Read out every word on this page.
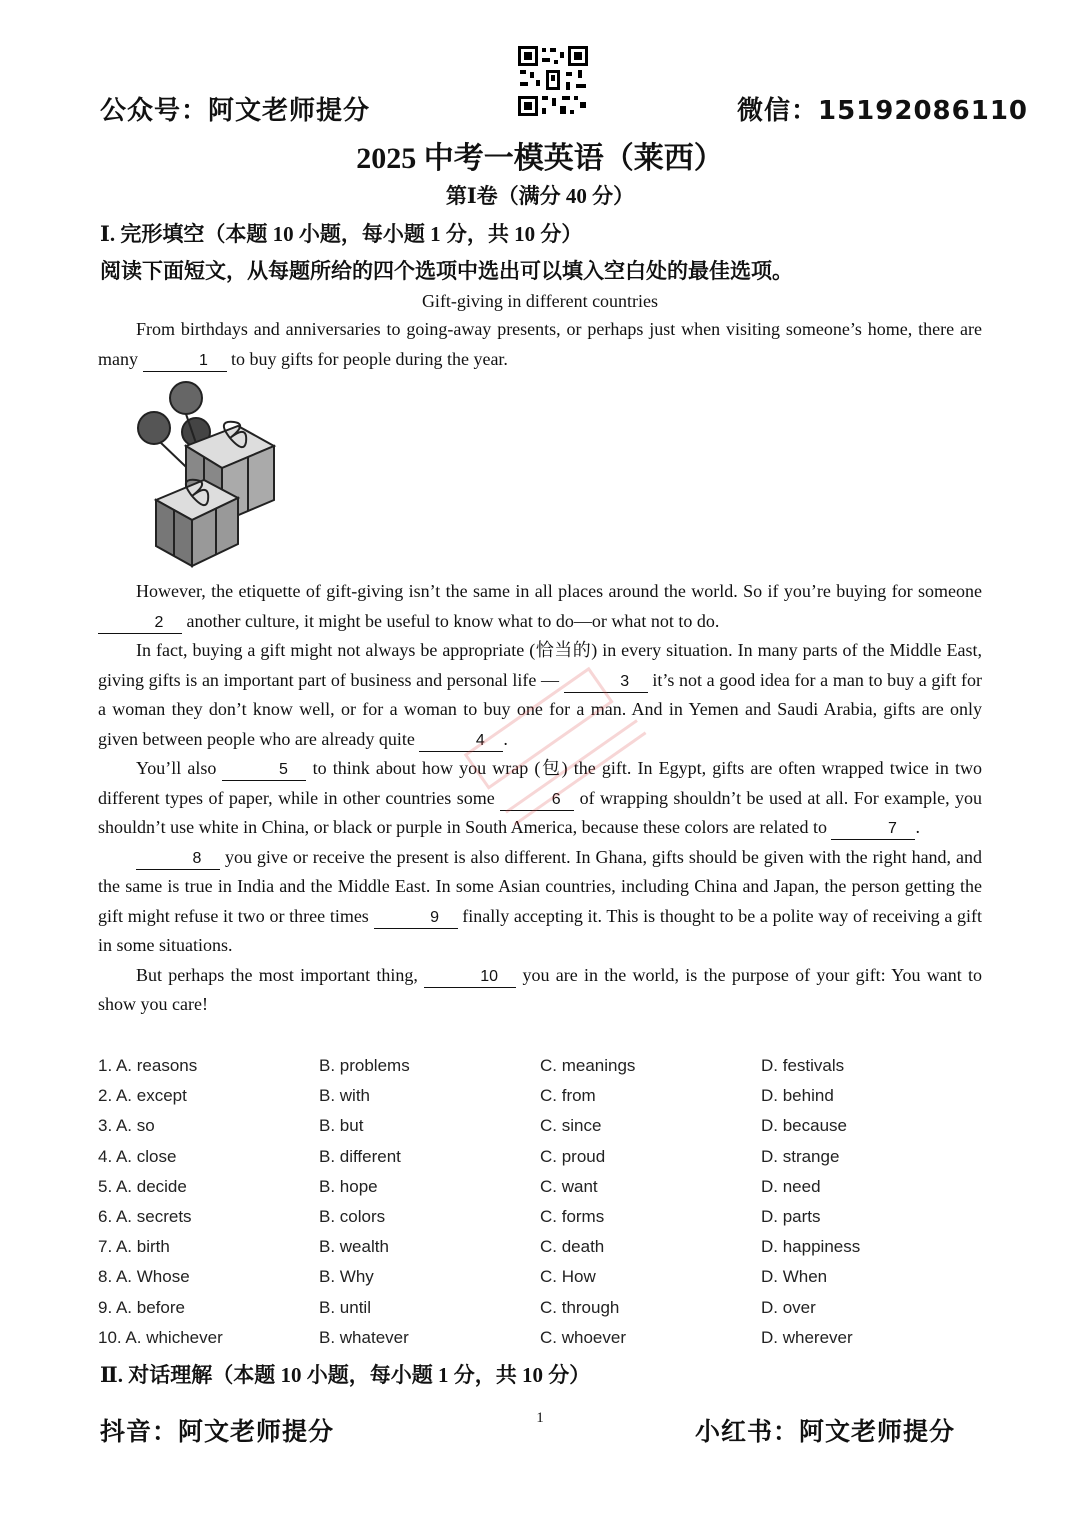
公众号：阿文老师提分	微信：15192086110
2025 中考一模英语（莱西）
第Ⅰ卷（满分 40 分）
Ⅰ. 完形填空（本题 10 小题，每小题 1 分，共 10 分）
阅读下面短文，从每题所给的四个选项中选出可以填入空白处的最佳选项。
Gift-giving in different countries

From birthdays and anniversaries to going-away presents, or perhaps just when visiting someone’s home, there are many	1 to buy gifts for people during the year.

However, the etiquette of gift-giving isn’t the same in all places around the world. So if you’re buying for someone 2 another culture, it might be useful to know what to do—or what not to do.

In fact, buying a gift might not always be appropriate (恰当的) in every situation. In many parts of the Middle East, giving gifts is an important part of business and personal life —	3 it’s not a good idea for a man to buy a gift for a woman they don’t know well, or for a woman to buy one for a man. And in Yemen and Saudi Arabia, gifts are only given between people who are already quite	4 .

You’ll also	5 to think about how you wrap (包) the gift. In Egypt, gifts are often wrapped twice in two different types of paper, while in other countries some	6 of wrapping shouldn’t be used at all. For example, you shouldn’t use white in China, or black or purple in South America, because these colors are related to	7 .

8 you give or receive the present is also different. In Ghana, gifts should be given with the right hand, and the same is true in India and the Middle East. In some Asian countries, including China and Japan, the person getting the gift might refuse it two or three times	9 finally accepting it. This is thought to be a polite way of receiving a gift in some situations.

But perhaps the most important thing,	10 you are in the world, is the purpose of your gift: You want to show you care!

1. A. reasons	B. problems	C. meanings	D. festivals
2. A. except	B. with	C. from	D. behind
3. A. so	B. but	C. since	D. because
4. A. close	B. different	C. proud	D. strange
5. A. decide	B. hope	C. want	D. need
6. A. secrets	B. colors	C. forms	D. parts
7. A. birth	B. wealth	C. death	D. happiness
8. A. Whose	B. Why	C. How	D. When
9. A. before	B. until	C. through	D. over
10. A. whichever	B. whatever	C. whoever	D. wherever
Ⅱ. 对话理解（本题 10 小题，每小题 1 分，共 10 分）
抖音：阿文老师提分	1	小红书：阿文老师提分
